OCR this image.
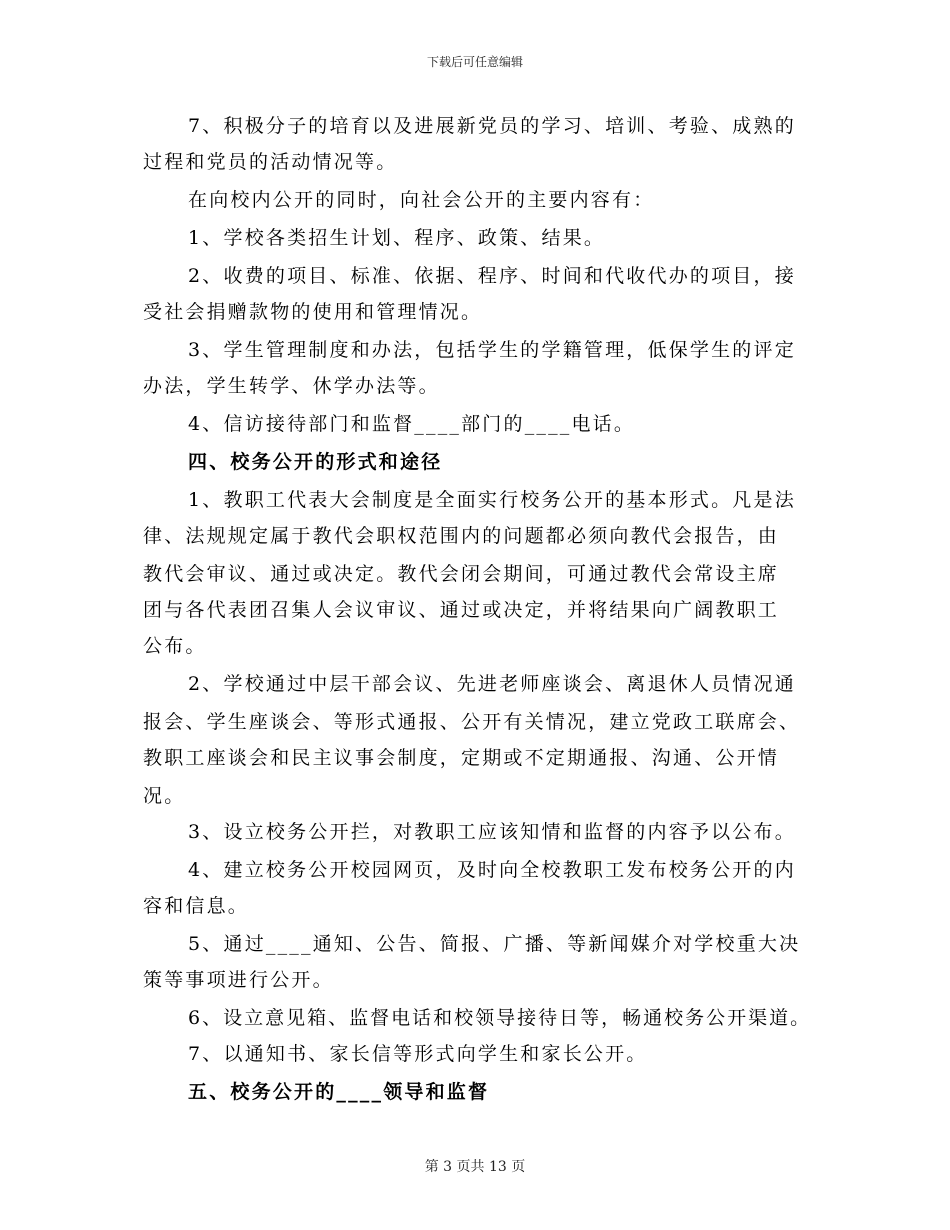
下载后可任意编辑
7、积极分子的培育以及进展新党员的学习、培训、考验、成熟的
过程和党员的活动情况等。
在向校内公开的同时，向社会公开的主要内容有：
1、学校各类招生计划、程序、政策、结果。
2、收费的项目、标准、依据、程序、时间和代收代办的项目，接
受社会捐赠款物的使用和管理情况。
3、学生管理制度和办法，包括学生的学籍管理，低保学生的评定
办法，学生转学、休学办法等。
4、信访接待部门和监督____部门的____电话。
四、校务公开的形式和途径
1、教职工代表大会制度是全面实行校务公开的基本形式。凡是法
律、法规规定属于教代会职权范围内的问题都必须向教代会报告，由
教代会审议、通过或决定。教代会闭会期间，可通过教代会常设主席
团与各代表团召集人会议审议、通过或决定，并将结果向广阔教职工
公布。
2、学校通过中层干部会议、先进老师座谈会、离退休人员情况通
报会、学生座谈会、等形式通报、公开有关情况，建立党政工联席会、
教职工座谈会和民主议事会制度，定期或不定期通报、沟通、公开情
况。
3、设立校务公开拦，对教职工应该知情和监督的内容予以公布。
4、建立校务公开校园网页，及时向全校教职工发布校务公开的内
容和信息。
5、通过____通知、公告、简报、广播、等新闻媒介对学校重大决
策等事项进行公开。
6、设立意见箱、监督电话和校领导接待日等，畅通校务公开渠道。
7、以通知书、家长信等形式向学生和家长公开。
五、校务公开的____领导和监督
第 3 页共 13 页
